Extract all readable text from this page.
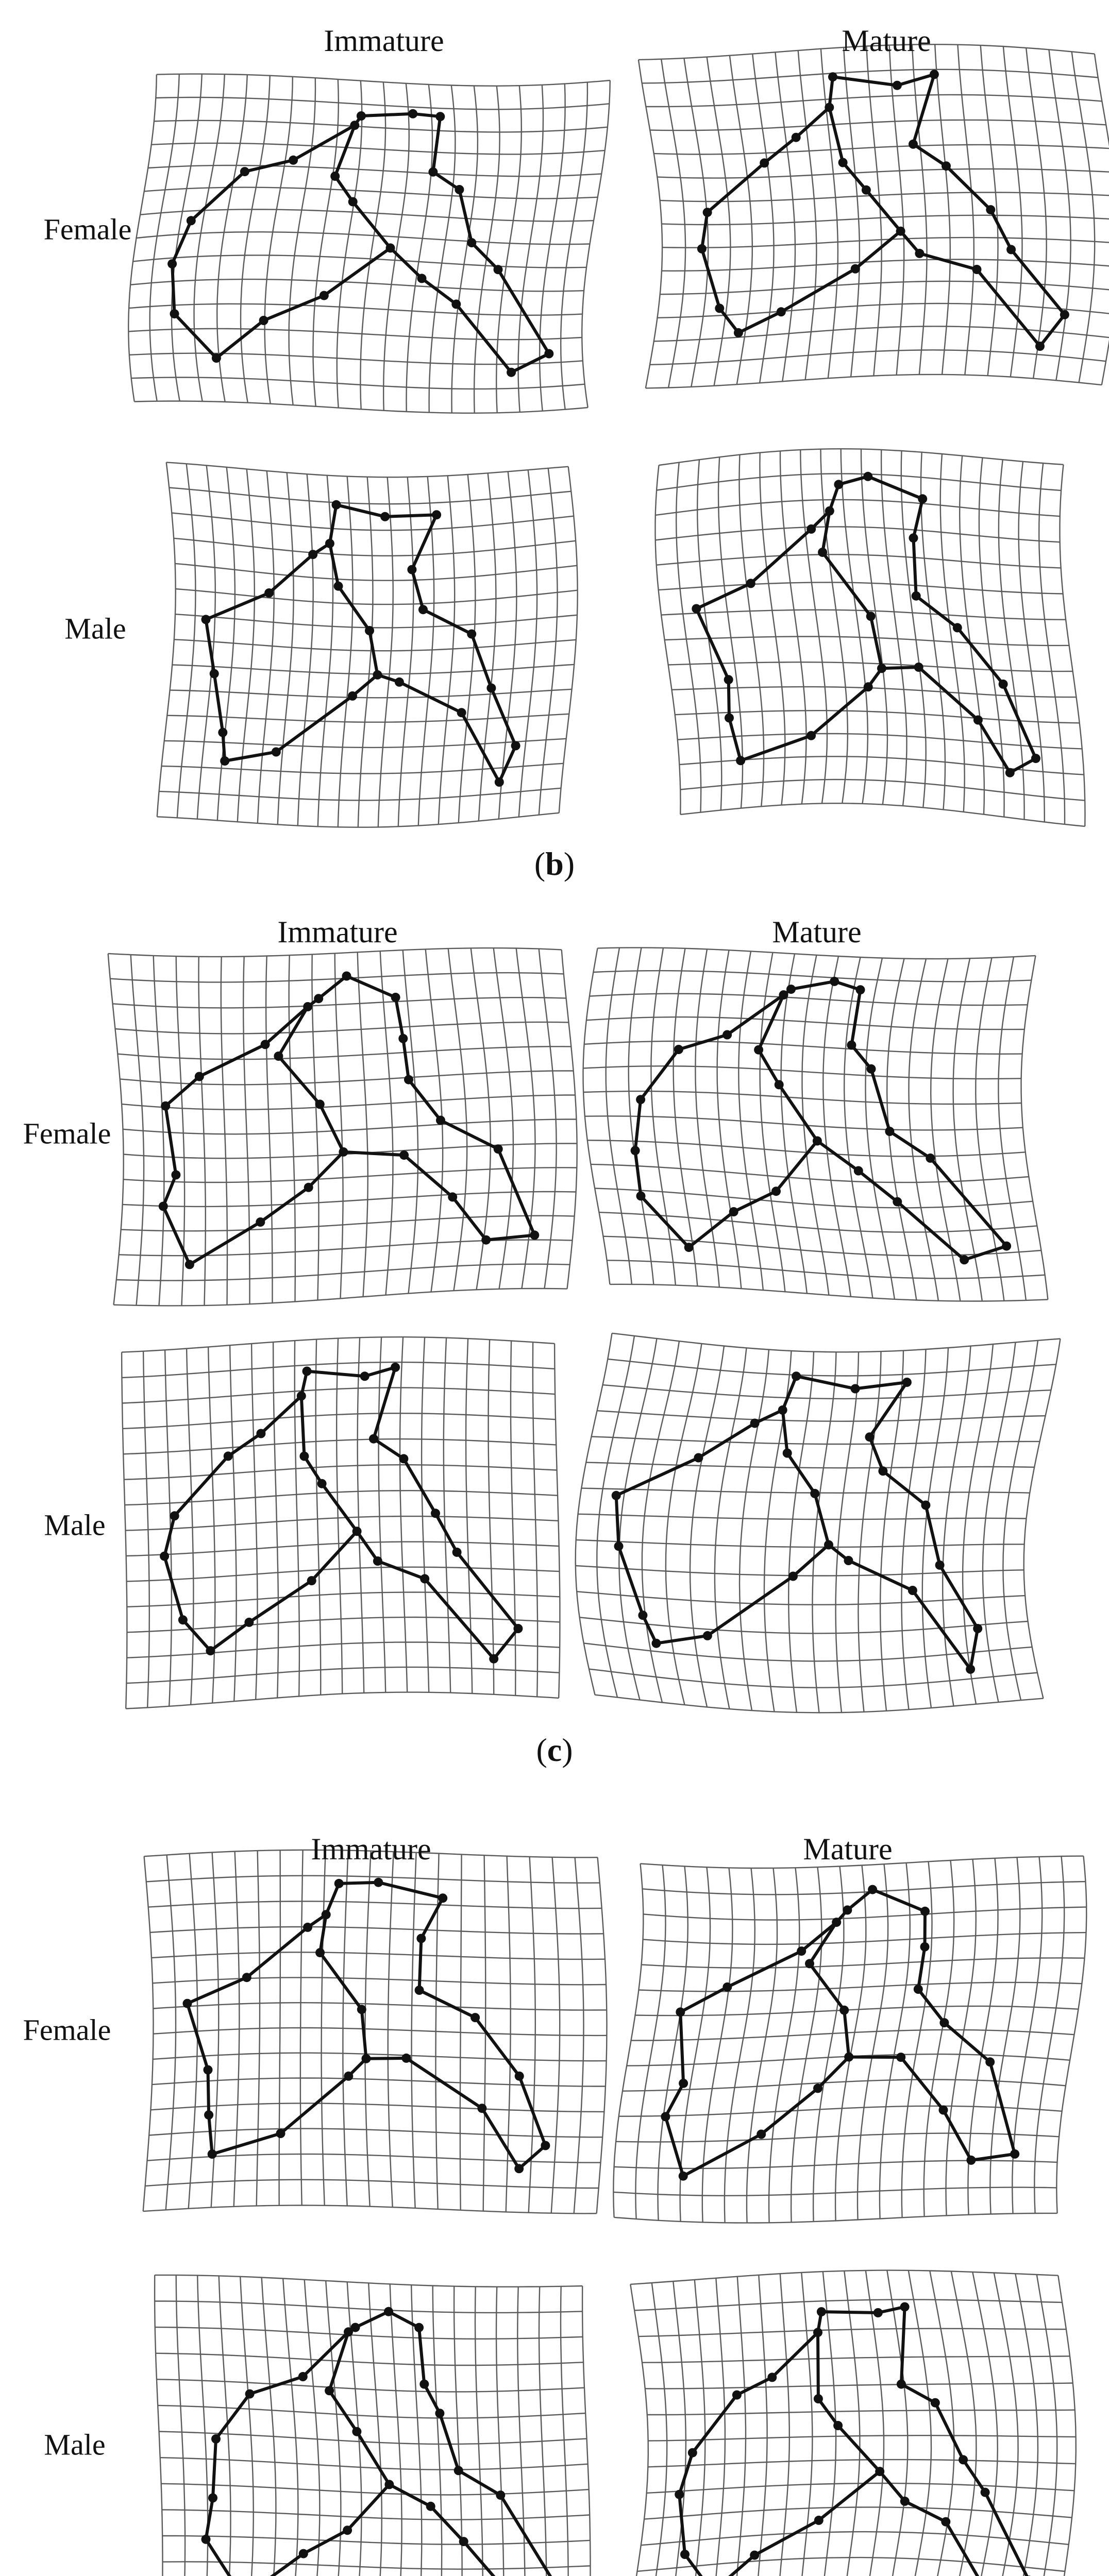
Immature	Mature
Female
Male
(b)
Immature	Mature
Female
Male
(c)
Immature	Mature
Female
Male
